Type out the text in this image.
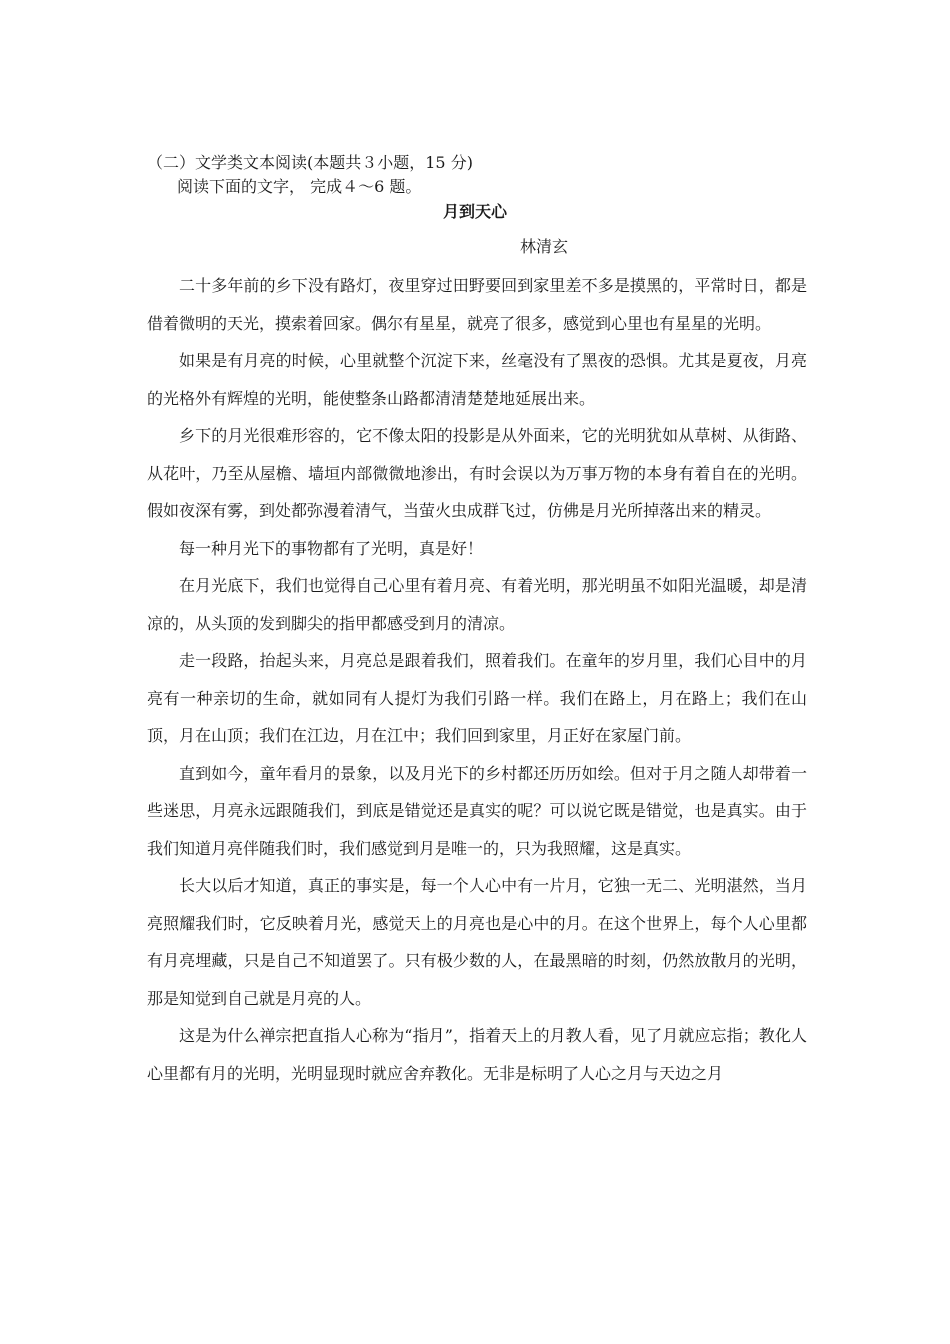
（二）文学类文本阅读(本题共３小题，15 分)
阅读下面的文字， 完成４～6 题。
月到天心
林清玄

二十多年前的乡下没有路灯，夜里穿过田野要回到家里差不多是摸黑的，平常时日，都是借着微明的天光，摸索着回家。偶尔有星星，就亮了很多，感觉到心里也有星星的光明。

如果是有月亮的时候，心里就整个沉淀下来，丝毫没有了黑夜的恐惧。尤其是夏夜，月亮的光格外有辉煌的光明，能使整条山路都清清楚楚地延展出来。

乡下的月光很难形容的，它不像太阳的投影是从外面来，它的光明犹如从草树、从街路、从花叶，乃至从屋檐、墙垣内部微微地渗出，有时会误以为万事万物的本身有着自在的光明。假如夜深有雾，到处都弥漫着清气，当萤火虫成群飞过，仿佛是月光所掉落出来的精灵。

每一种月光下的事物都有了光明，真是好！

在月光底下，我们也觉得自己心里有着月亮、有着光明，那光明虽不如阳光温暖，却是清凉的，从头顶的发到脚尖的指甲都感受到月的清凉。

走一段路，抬起头来，月亮总是跟着我们，照着我们。在童年的岁月里，我们心目中的月亮有一种亲切的生命，就如同有人提灯为我们引路一样。我们在路上，月在路上；我们在山顶，月在山顶；我们在江边，月在江中；我们回到家里，月正好在家屋门前。

直到如今，童年看月的景象，以及月光下的乡村都还历历如绘。但对于月之随人却带着一些迷思，月亮永远跟随我们，到底是错觉还是真实的呢？可以说它既是错觉，也是真实。由于我们知道月亮伴随我们时，我们感觉到月是唯一的，只为我照耀，这是真实。

长大以后才知道，真正的事实是，每一个人心中有一片月，它独一无二、光明湛然，当月亮照耀我们时，它反映着月光，感觉天上的月亮也是心中的月。在这个世界上，每个人心里都有月亮埋藏，只是自己不知道罢了。只有极少数的人，在最黑暗的时刻，仍然放散月的光明，那是知觉到自己就是月亮的人。

这是为什么禅宗把直指人心称为“指月”，指着天上的月教人看，见了月就应忘指；教化人心里都有月的光明，光明显现时就应舍弃教化。无非是标明了人心之月与天边之月
